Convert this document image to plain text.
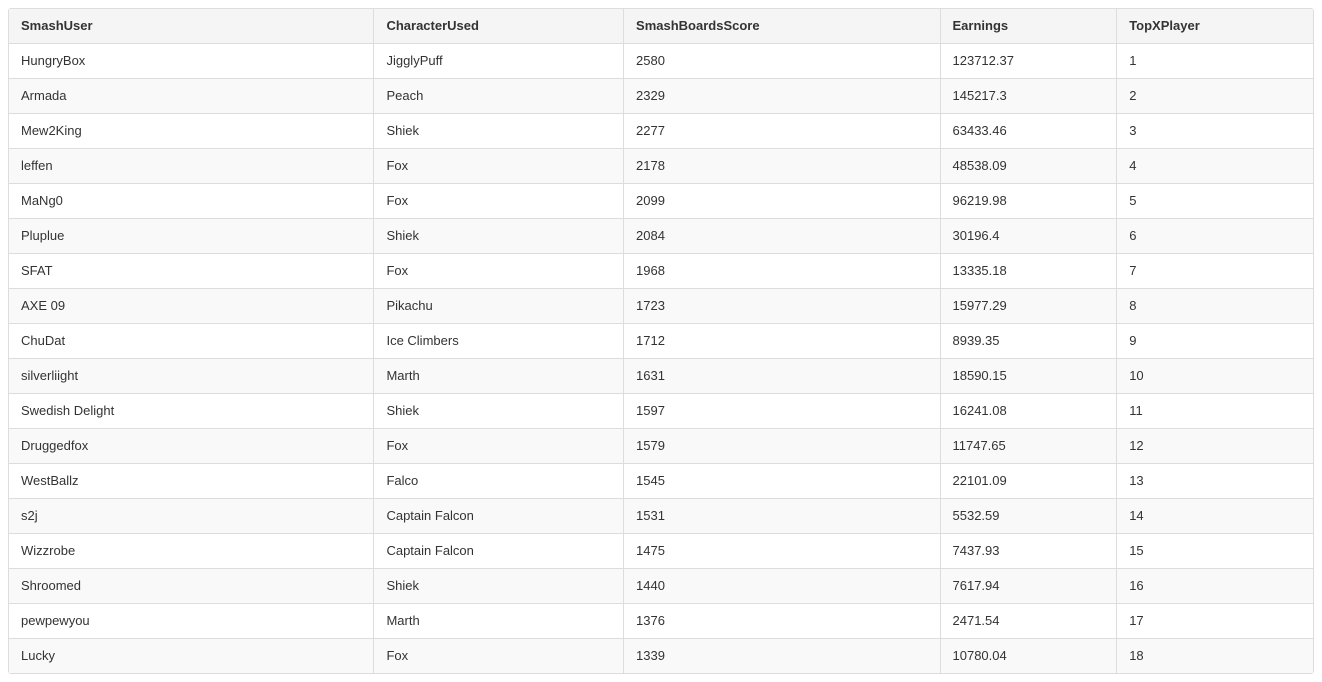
SmashUser	CharacterUsed	SmashBoardsScore	Earnings	TopXPlayer
HungryBox	JigglyPuff	2580	123712.37	1
Armada	Peach	2329	145217.3	2
Mew2King	Shiek	2277	63433.46	3
leffen	Fox	2178	48538.09	4
MaNg0	Fox	2099	96219.98	5
Pluplue	Shiek	2084	30196.4	6
SFAT	Fox	1968	13335.18	7
AXE 09	Pikachu	1723	15977.29	8
ChuDat	Ice Climbers	1712	8939.35	9
silverliight	Marth	1631	18590.15	10
Swedish Delight	Shiek	1597	16241.08	11
Druggedfox	Fox	1579	11747.65	12
WestBallz	Falco	1545	22101.09	13
s2j	Captain Falcon	1531	5532.59	14
Wizzrobe	Captain Falcon	1475	7437.93	15
Shroomed	Shiek	1440	7617.94	16
pewpewyou	Marth	1376	2471.54	17
Lucky	Fox	1339	10780.04	18
